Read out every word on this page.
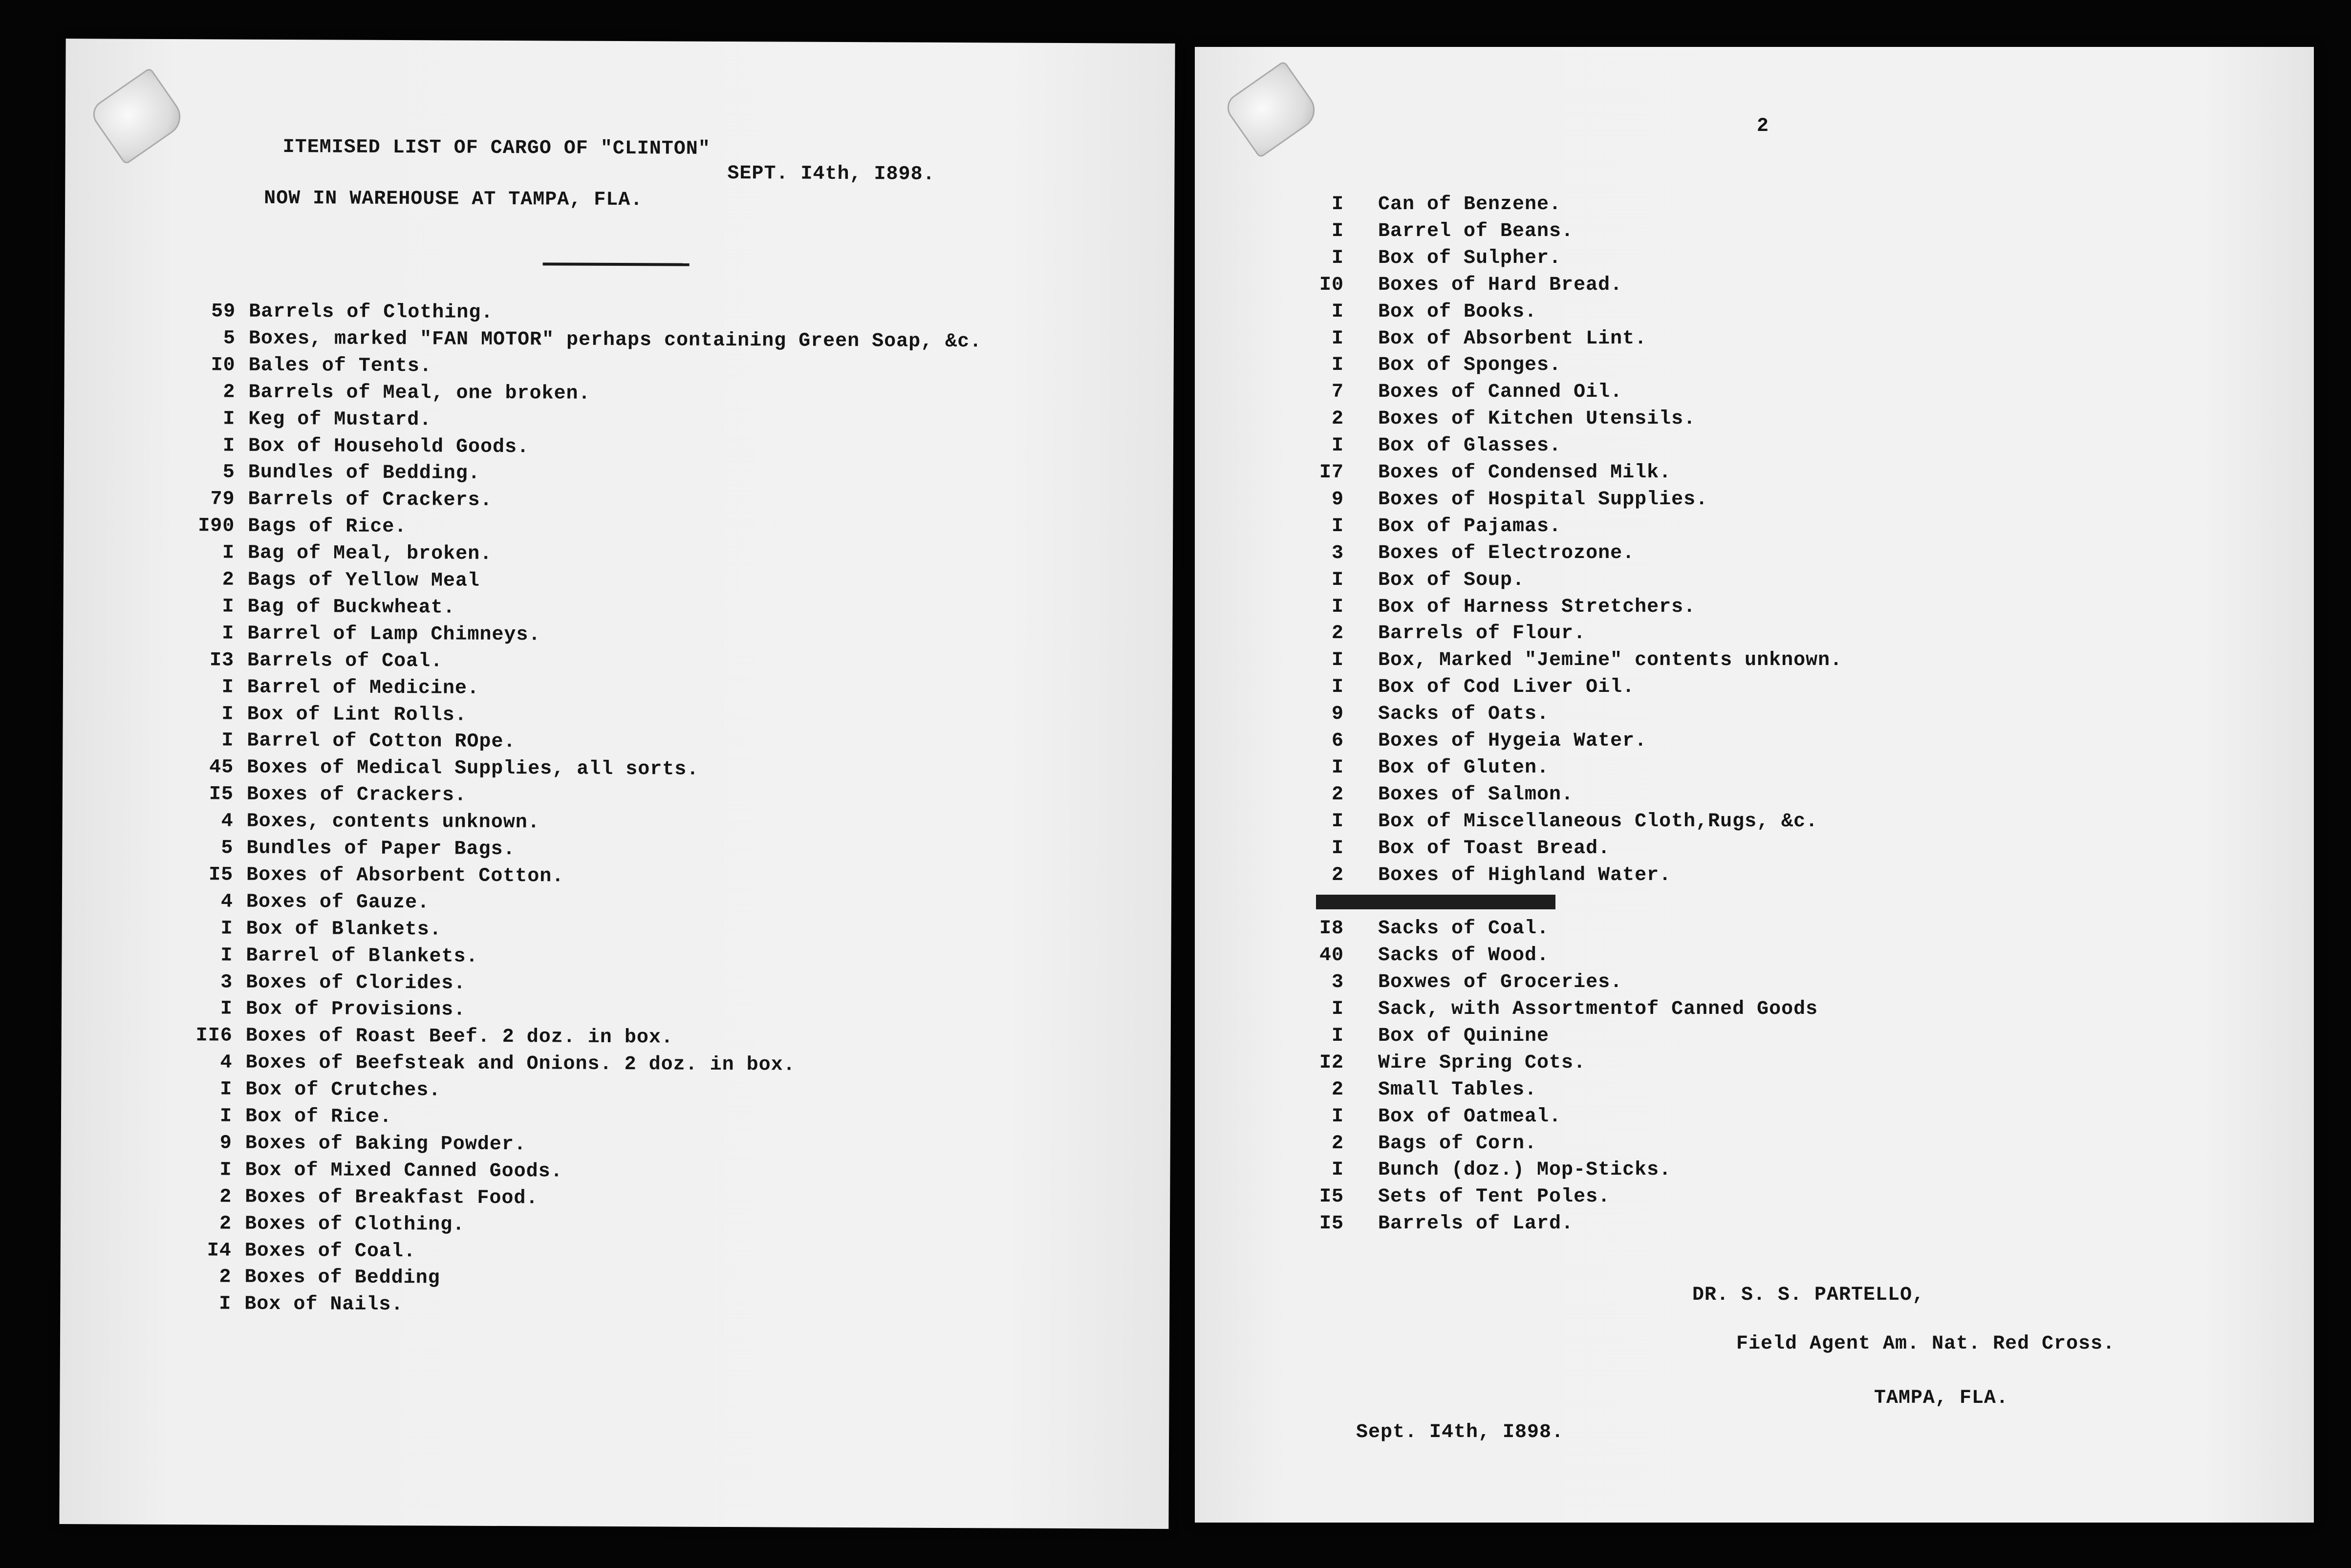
ITEMISED LIST OF CARGO OF "CLINTON"
SEPT. I4th, I898.
NOW IN WAREHOUSE AT TAMPA, FLA.
59 Barrels of Clothing.
5 Boxes, marked "FAN MOTOR" perhaps containing Green Soap, &c.
I0 Bales of Tents.
2 Barrels of Meal, one broken.
I Keg of Mustard.
I Box of Household Goods.
5 Bundles of Bedding.
79 Barrels of Crackers.
I90 Bags of Rice.
I Bag of Meal, broken.
2 Bags of Yellow Meal
I Bag of Buckwheat.
I Barrel of Lamp Chimneys.
I3 Barrels of Coal.
I Barrel of Medicine.
I Box of Lint Rolls.
I Barrel of Cotton ROpe.
45 Boxes of Medical Supplies, all sorts.
I5 Boxes of Crackers.
4 Boxes, contents unknown.
5 Bundles of Paper Bags.
I5 Boxes of Absorbent Cotton.
4 Boxes of Gauze.
I Box of Blankets.
I Barrel of Blankets.
3 Boxes of Clorides.
I Box of Provisions.
II6 Boxes of Roast Beef. 2 doz. in box.
4 Boxes of Beefsteak and Onions. 2 doz. in box.
I Box of Crutches.
I Box of Rice.
9 Boxes of Baking Powder.
I Box of Mixed Canned Goods.
2 Boxes of Breakfast Food.
2 Boxes of Clothing.
I4 Boxes of Coal.
2 Boxes of Bedding
I Box of Nails.
2
I Can of Benzene.
I Barrel of Beans.
I Box of Sulpher.
I0 Boxes of Hard Bread.
I Box of Books.
I Box of Absorbent Lint.
I Box of Sponges.
7 Boxes of Canned Oil.
2 Boxes of Kitchen Utensils.
I Box of Glasses.
I7 Boxes of Condensed Milk.
9 Boxes of Hospital Supplies.
I Box of Pajamas.
3 Boxes of Electrozone.
I Box of Soup.
I Box of Harness Stretchers.
2 Barrels of Flour.
I Box, Marked "Jemine" contents unknown.
I Box of Cod Liver Oil.
9 Sacks of Oats.
6 Boxes of Hygeia Water.
I Box of Gluten.
2 Boxes of Salmon.
I Box of Miscellaneous Cloth,Rugs, &c.
I Box of Toast Bread.
2 Boxes of Highland Water.
I8 Sacks of Coal.
40 Sacks of Wood.
3 Boxwes of Groceries.
I Sack, with Assortmentof Canned Goods
I Box of Quinine
I2 Wire Spring Cots.
2 Small Tables.
I Box of Oatmeal.
2 Bags of Corn.
I Bunch (doz.) Mop-Sticks.
I5 Sets of Tent Poles.
I5 Barrels of Lard.
DR. S. S. PARTELLO,
Field Agent Am. Nat. Red Cross.
TAMPA, FLA.
Sept. I4th, I898.
